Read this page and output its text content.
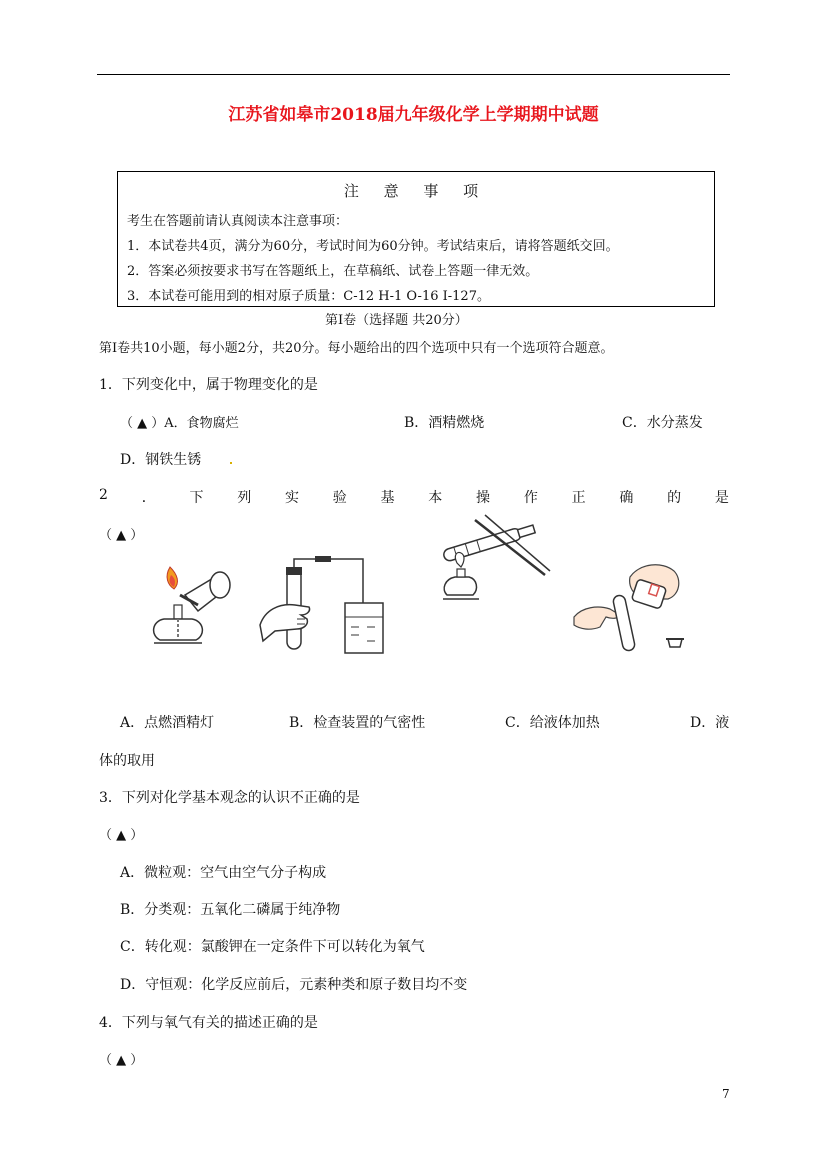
江苏省如皋市2018届九年级化学上学期期中试题
注 意 事 项
考生在答题前请认真阅读本注意事项：
1．本试卷共4页，满分为60分，考试时间为60分钟。考试结束后，请将答题纸交回。
2．答案必须按要求书写在答题纸上，在草稿纸、试卷上答题一律无效。
3．本试卷可能用到的相对原子质量：C-12 H-1 O-16 I-127。
第Ⅰ卷（选择题 共20分）
第Ⅰ卷共10小题，每小题2分，共20分。每小题给出的四个选项中只有一个选项符合题意。
1．下列变化中，属于物理变化的是
（ ▲ ）A．食物腐烂	B．酒精燃烧	C．水分蒸发
D．钢铁生锈
2 ． 下 列 实 验 基 本 操 作 正 确 的 是
（ ▲ ）
A．点燃酒精灯	B．检查装置的气密性	C．给液体加热	D．液
体的取用
3．下列对化学基本观念的认识不正确的是
（ ▲ ）
A．微粒观：空气由空气分子构成
B．分类观：五氧化二磷属于纯净物
C．转化观：氯酸钾在一定条件下可以转化为氧气
D．守恒观：化学反应前后，元素种类和原子数目均不变
4．下列与氧气有关的描述正确的是
（ ▲ ）
7
